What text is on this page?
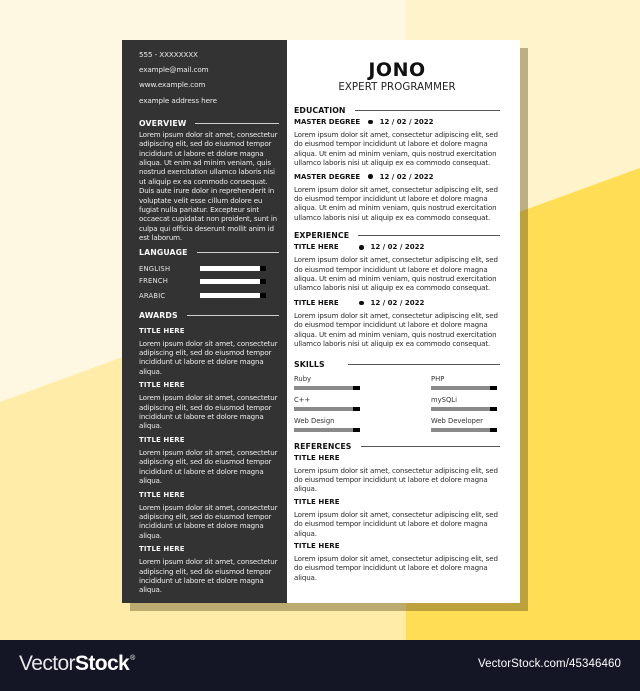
555 - XXXXXXXX
example@mail.com
www.example.com
example address here
OVERVIEW
Lorem ipsum dolor sit amet, consectetur adipiscing elit, sed do eiusmod tempor incididunt ut labore et dolore magna aliqua. Ut enim ad minim veniam, quis nostrud exercitation ullamco laboris nisi ut aliquip ex ea commodo consequat. Duis aute irure dolor in reprehenderit in voluptate velit esse cillum dolore eu fugiat nulla pariatur. Excepteur sint occaecat cupidatat non proident, sunt in culpa qui officia deserunt mollit anim id est laborum.
LANGUAGE
ENGLISH
FRENCH
ARABIC
AWARDS
TITLE HERE
Lorem ipsum dolor sit amet, consectetur adipiscing elit, sed do eiusmod tempor incididunt ut labore et dolore magna aliqua.
TITLE HERE
Lorem ipsum dolor sit amet, consectetur adipiscing elit, sed do eiusmod tempor incididunt ut labore et dolore magna aliqua.
TITLE HERE
Lorem ipsum dolor sit amet, consectetur adipiscing elit, sed do eiusmod tempor incididunt ut labore et dolore magna aliqua.
TITLE HERE
Lorem ipsum dolor sit amet, consectetur adipiscing elit, sed do eiusmod tempor incididunt ut labore et dolore magna aliqua.
TITLE HERE
Lorem ipsum dolor sit amet, consectetur adipiscing elit, sed do eiusmod tempor incididunt ut labore et dolore magna aliqua.
JONO
EXPERT PROGRAMMER
EDUCATION
MASTER DEGREE	12 / 02 / 2022
Lorem ipsum dolor sit amet, consectetur adipiscing elit, sed do eiusmod tempor incididunt ut labore et dolore magna aliqua. Ut enim ad minim veniam, quis nostrud exercitation ullamco laboris nisi ut aliquip ex ea commodo consequat.
MASTER DEGREE	12 / 02 / 2022
Lorem ipsum dolor sit amet, consectetur adipiscing elit, sed do eiusmod tempor incididunt ut labore et dolore magna aliqua. Ut enim ad minim veniam, quis nostrud exercitation ullamco laboris nisi ut aliquip ex ea commodo consequat.
EXPERIENCE
TITLE HERE	12 / 02 / 2022
Lorem ipsum dolor sit amet, consectetur adipiscing elit, sed do eiusmod tempor incididunt ut labore et dolore magna aliqua. Ut enim ad minim veniam, quis nostrud exercitation ullamco laboris nisi ut aliquip ex ea commodo consequat.
TITLE HERE	12 / 02 / 2022
Lorem ipsum dolor sit amet, consectetur adipiscing elit, sed do eiusmod tempor incididunt ut labore et dolore magna aliqua. Ut enim ad minim veniam, quis nostrud exercitation ullamco laboris nisi ut aliquip ex ea commodo consequat.
SKILLS
Ruby	PHP
C++	mySQLi
Web Design	Web Developer
REFERENCES
TITLE HERE
Lorem ipsum dolor sit amet, consectetur adipiscing elit, sed do eiusmod tempor incididunt ut labore et dolore magna aliqua.
TITLE HERE
Lorem ipsum dolor sit amet, consectetur adipiscing elit, sed do eiusmod tempor incididunt ut labore et dolore magna aliqua.
TITLE HERE
Lorem ipsum dolor sit amet, consectetur adipiscing elit, sed do eiusmod tempor incididunt ut labore et dolore magna aliqua.
VectorStock®	VectorStock.com/45346460
